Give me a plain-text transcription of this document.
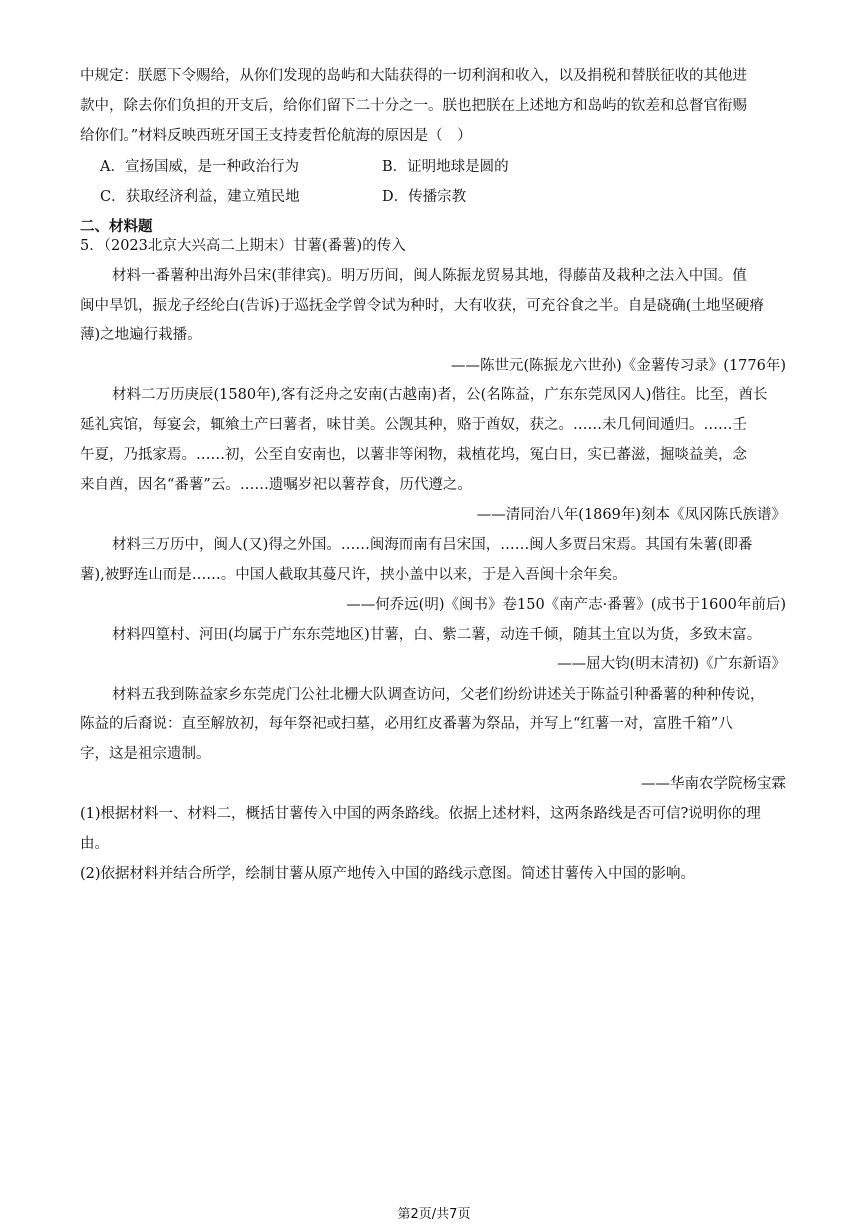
中规定：朕愿下令赐给，从你们发现的岛屿和大陆获得的一切利润和收入，以及捐税和替朕征收的其他进
款中，除去你们负担的开支后，给你们留下二十分之一。朕也把朕在上述地方和岛屿的钦差和总督官衔赐
给你们。”材料反映西班牙国王支持麦哲伦航海的原因是（　）
A．宣扬国威，是一种政治行为	B．证明地球是圆的
C．获取经济利益，建立殖民地	D．传播宗教
二、材料题
5．（2023北京大兴高二上期末）甘薯(番薯)的传入
材料一番薯种出海外吕宋(菲律宾)。明万历间，闽人陈振龙贸易其地，得藤苗及栽种之法入中国。值
闽中旱饥，振龙子经纶白(告诉)于巡抚金学曾令试为种时，大有收获，可充谷食之半。自是硗确(土地坚硬瘠
薄)之地遍行栽播。
——陈世元(陈振龙六世孙)《金薯传习录》(1776年)
材料二万历庚辰(1580年),客有泛舟之安南(古越南)者，公(名陈益，广东东莞凤冈人)偕往。比至，酋长
延礼宾馆，每宴会，辄飨土产曰薯者，味甘美。公觊其种，赂于酋奴，获之。……未几伺间遁归。……壬
午夏，乃抵家焉。……初，公至自安南也，以薯非等闲物，栽植花坞，冤白日，实已蕃滋，掘啖益美，念
来自酋，因名“番薯”云。……遗嘱岁祀以薯荐食，历代遵之。
——清同治八年(1869年)刻本《凤冈陈氏族谱》
材料三万历中，闽人(又)得之外国。……闽海而南有吕宋国，……闽人多贾吕宋焉。其国有朱薯(即番
薯),被野连山而是……。中国人截取其蔓尺许，挟小盖中以来，于是入吾闽十余年矣。
——何乔远(明)《闽书》卷150《南产志·番薯》(成书于1600年前后)
材料四篁村、河田(均属于广东东莞地区)甘薯，白、紫二薯，动连千倾，随其土宜以为货，多致末富。
——屈大钧(明末清初)《广东新语》
材料五我到陈益家乡东莞虎门公社北栅大队调查访问，父老们纷纷讲述关于陈益引种番薯的种种传说，
陈益的后裔说：直至解放初，每年祭祀或扫墓，必用红皮番薯为祭品，并写上“红薯一对，富胜千箱”八
字，这是祖宗遗制。
——华南农学院杨宝霖
(1)根据材料一、材料二，概括甘薯传入中国的两条路线。依据上述材料，这两条路线是否可信?说明你的理
由。
(2)依据材料并结合所学，绘制甘薯从原产地传入中国的路线示意图。简述甘薯传入中国的影响。
第2页/共7页
